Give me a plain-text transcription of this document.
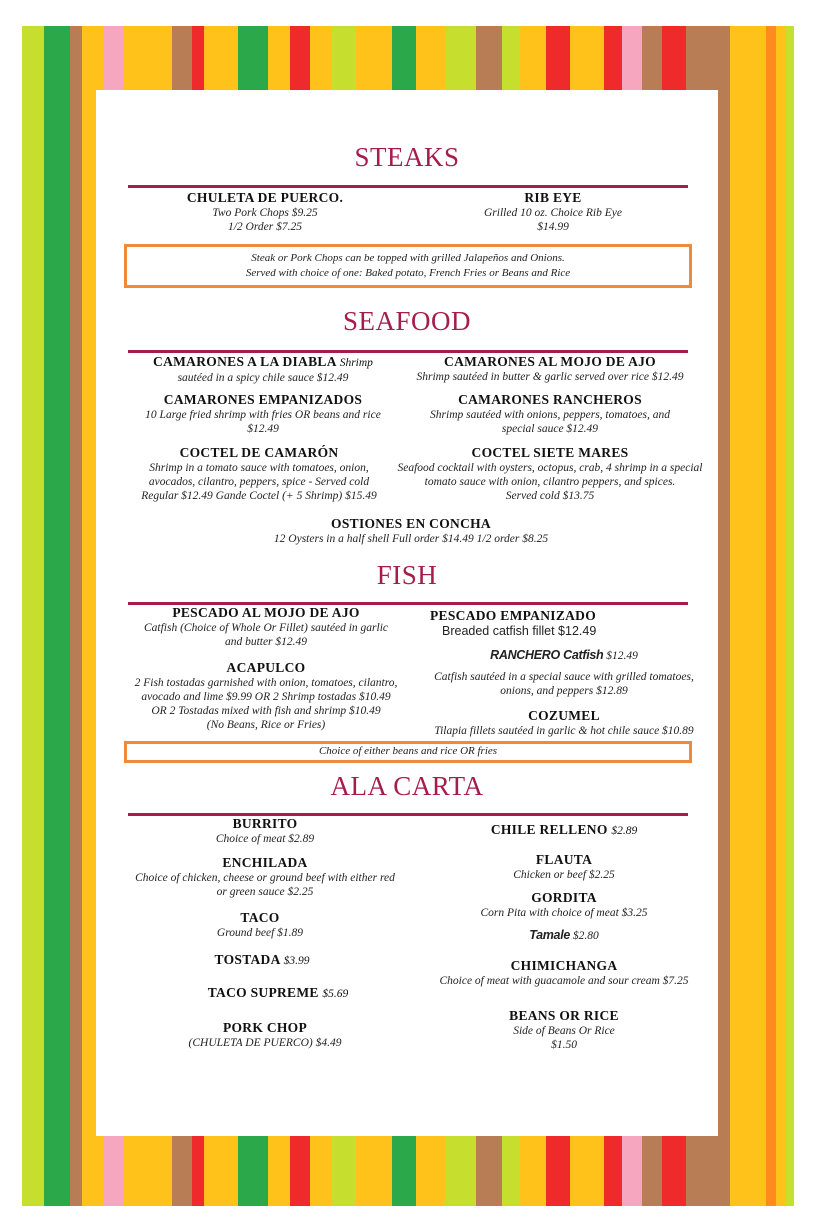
STEAKS
CHULETA DE PUERCO.
Two Pork Chops $9.25
1/2 Order $7.25
RIB EYE
Grilled 10 oz. Choice Rib Eye
$14.99
Steak or Pork Chops can be topped with grilled Jalapeños and Onions.
Served with choice of one: Baked potato, French Fries or Beans and Rice
SEAFOOD
CAMARONES A LA DIABLA Shrimp
sautéed in a spicy chile sauce $12.49
CAMARONES EMPANIZADOS
10 Large fried shrimp with fries OR beans and rice
$12.49
COCTEL DE CAMARÓN
Shrimp in a tomato sauce with tomatoes, onion,
avocados, cilantro, peppers, spice - Served cold
Regular $12.49 Gande Coctel (+ 5 Shrimp) $15.49
CAMARONES AL MOJO DE AJO
Shrimp sautéed in butter & garlic served over rice $12.49
CAMARONES RANCHEROS
Shrimp sautéed with onions, peppers, tomatoes, and
special sauce $12.49
COCTEL SIETE MARES
Seafood cocktail with oysters, octopus, crab, 4 shrimp in a special
tomato sauce with onion, cilantro peppers, and spices.
Served cold $13.75
OSTIONES EN CONCHA
12 Oysters in a half shell Full order $14.49 1/2 order $8.25
FISH
PESCADO AL MOJO DE AJO
Catfish (Choice of Whole Or Fillet) sautéed in garlic
and butter $12.49
ACAPULCO
2 Fish tostadas garnished with onion, tomatoes, cilantro,
avocado and lime $9.99 OR 2 Shrimp tostadas $10.49
OR 2 Tostadas mixed with fish and shrimp $10.49
(No Beans, Rice or Fries)
PESCADO EMPANIZADO
Breaded catfish fillet $12.49
RANCHERO Catfish $12.49
Catfish sautéed in a special sauce with grilled tomatoes,
onions, and peppers $12.89
COZUMEL
Tilapia fillets sautéed in garlic & hot chile sauce $10.89
Choice of either beans and rice OR fries
ALA CARTA
BURRITO
Choice of meat $2.89
ENCHILADA
Choice of chicken, cheese or ground beef with either red
or green sauce $2.25
TACO
Ground beef $1.89
TOSTADA $3.99
TACO SUPREME $5.69
PORK CHOP
(CHULETA DE PUERCO) $4.49
CHILE RELLENO $2.89
FLAUTA
Chicken or beef $2.25
GORDITA
Corn Pita with choice of meat $3.25
Tamale $2.80
CHIMICHANGA
Choice of meat with guacamole and sour cream $7.25
BEANS OR RICE
Side of Beans Or Rice
$1.50
